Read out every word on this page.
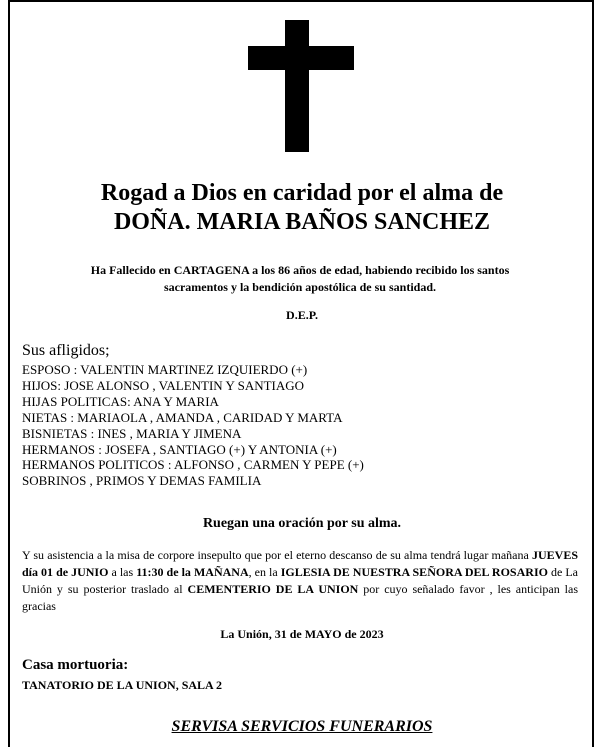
Rogad a Dios en caridad por el alma de
DOÑA. MARIA BAÑOS SANCHEZ
Ha Fallecido en CARTAGENA a los 86 años de edad, habiendo recibido los santos
sacramentos y la bendición apostólica de su santidad.
D.E.P.
Sus afligidos;
ESPOSO : VALENTIN MARTINEZ IZQUIERDO (+)
HIJOS: JOSE ALONSO , VALENTIN Y SANTIAGO
HIJAS POLITICAS: ANA Y MARIA
NIETAS : MARIAOLA , AMANDA , CARIDAD Y MARTA
BISNIETAS : INES , MARIA Y JIMENA
HERMANOS : JOSEFA , SANTIAGO (+) Y ANTONIA (+)
HERMANOS POLITICOS : ALFONSO , CARMEN Y PEPE (+)
SOBRINOS , PRIMOS Y DEMAS FAMILIA
Ruegan una oración por su alma.
Y su asistencia a la misa de corpore insepulto que por el eterno descanso de su alma tendrá lugar mañana JUEVES día 01 de JUNIO a las 11:30 de la MAÑANA, en la IGLESIA DE NUESTRA SEÑORA DEL ROSARIO de La Unión y su posterior traslado al CEMENTERIO DE LA UNION por cuyo señalado favor , les anticipan las gracias
La Unión, 31 de MAYO de 2023
Casa mortuoria:
TANATORIO DE LA UNION, SALA 2
SERVISA SERVICIOS FUNERARIOS
